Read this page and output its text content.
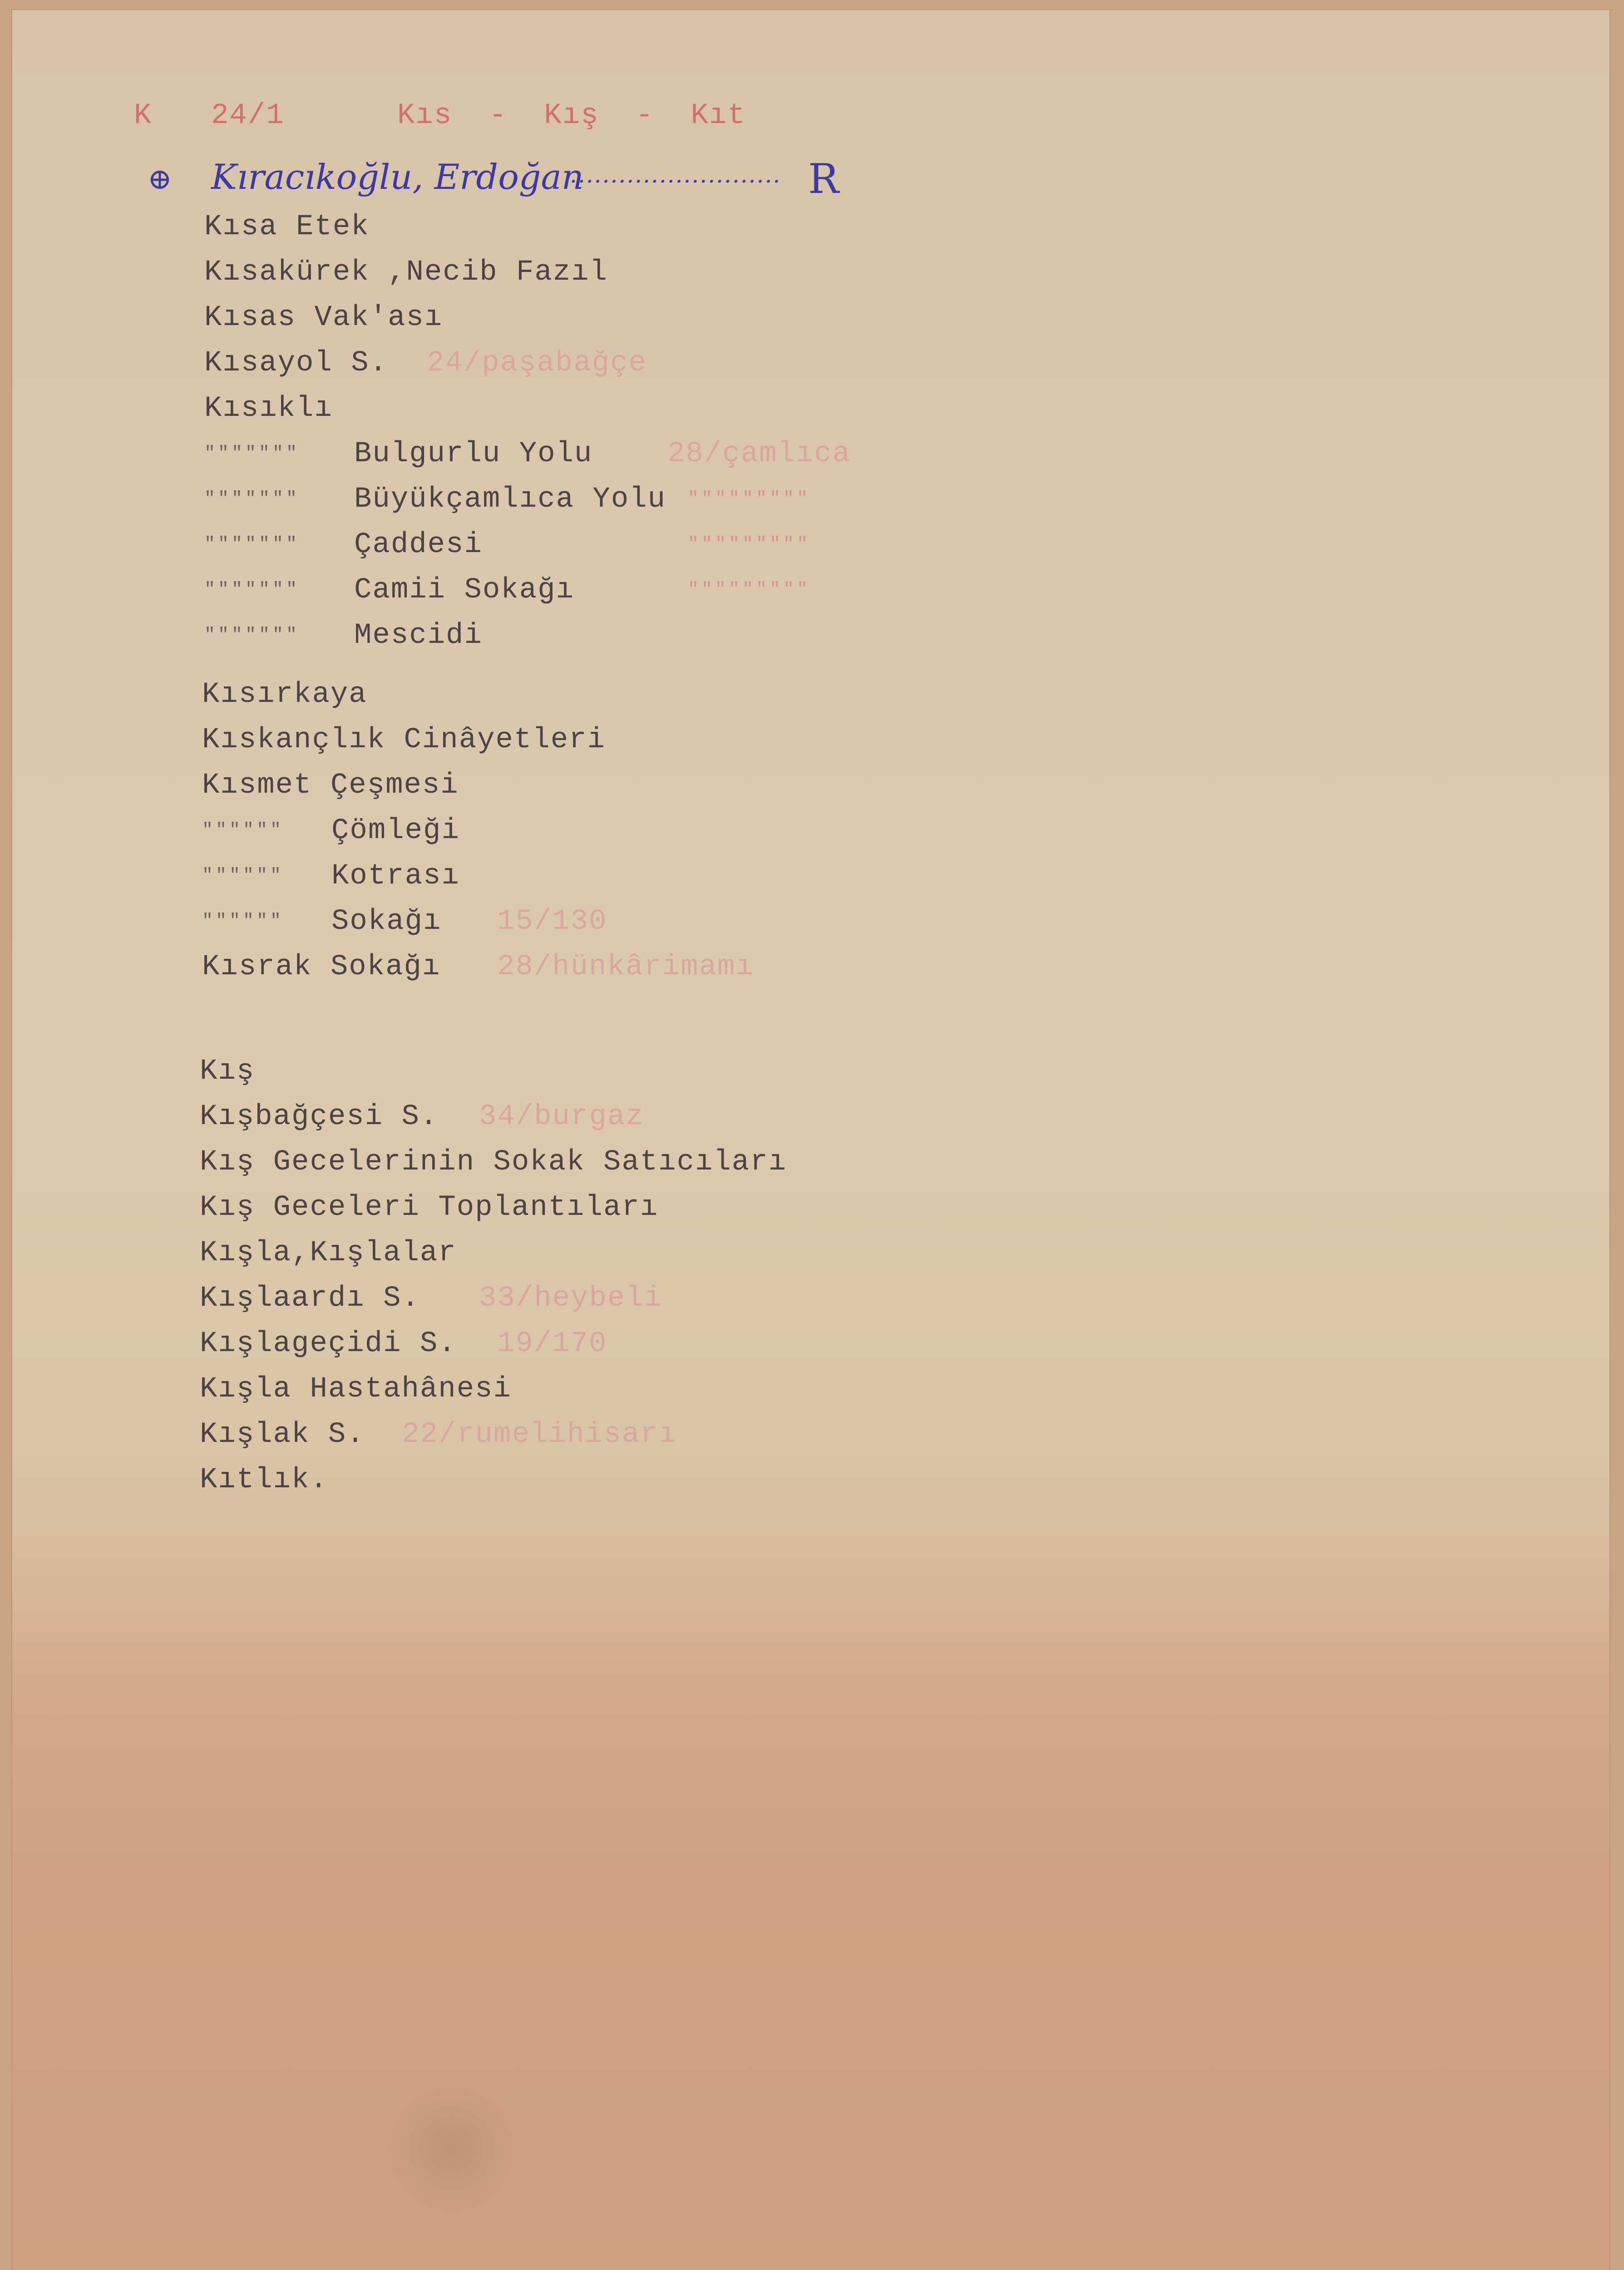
K 24/1	Kıs  -  Kış  -  Kıt
⊕ Kıracıkoğlu, Erdoğan
.......................... R
Kısa Etek
Kısakürek ,Necib Fazıl
Kısas Vak'ası
Kısayol S. 24/paşabağçe
Kısıklı
""""""" Bulgurlu Yolu	28/çamlıca
""""""" Büyükçamlıca Yolu """""""""
""""""" Çaddesi	"""""""""
""""""" Camii Sokağı	"""""""""
""""""" Mescidi
Kısırkaya
Kıskançlık Cinâyetleri
Kısmet Çeşmesi
"""""" Çömleği
"""""" Kotrası
"""""" Sokağı 15/130
Kısrak Sokağı 28/hünkârimamı
Kış
Kışbağçesi S. 34/burgaz
Kış Gecelerinin Sokak Satıcıları
Kış Geceleri Toplantıları
Kışla,Kışlalar
Kışlaardı S. 33/heybeli
Kışlageçidi S. 19/170
Kışla Hastahânesi
Kışlak S. 22/rumelihisarı
Kıtlık.
